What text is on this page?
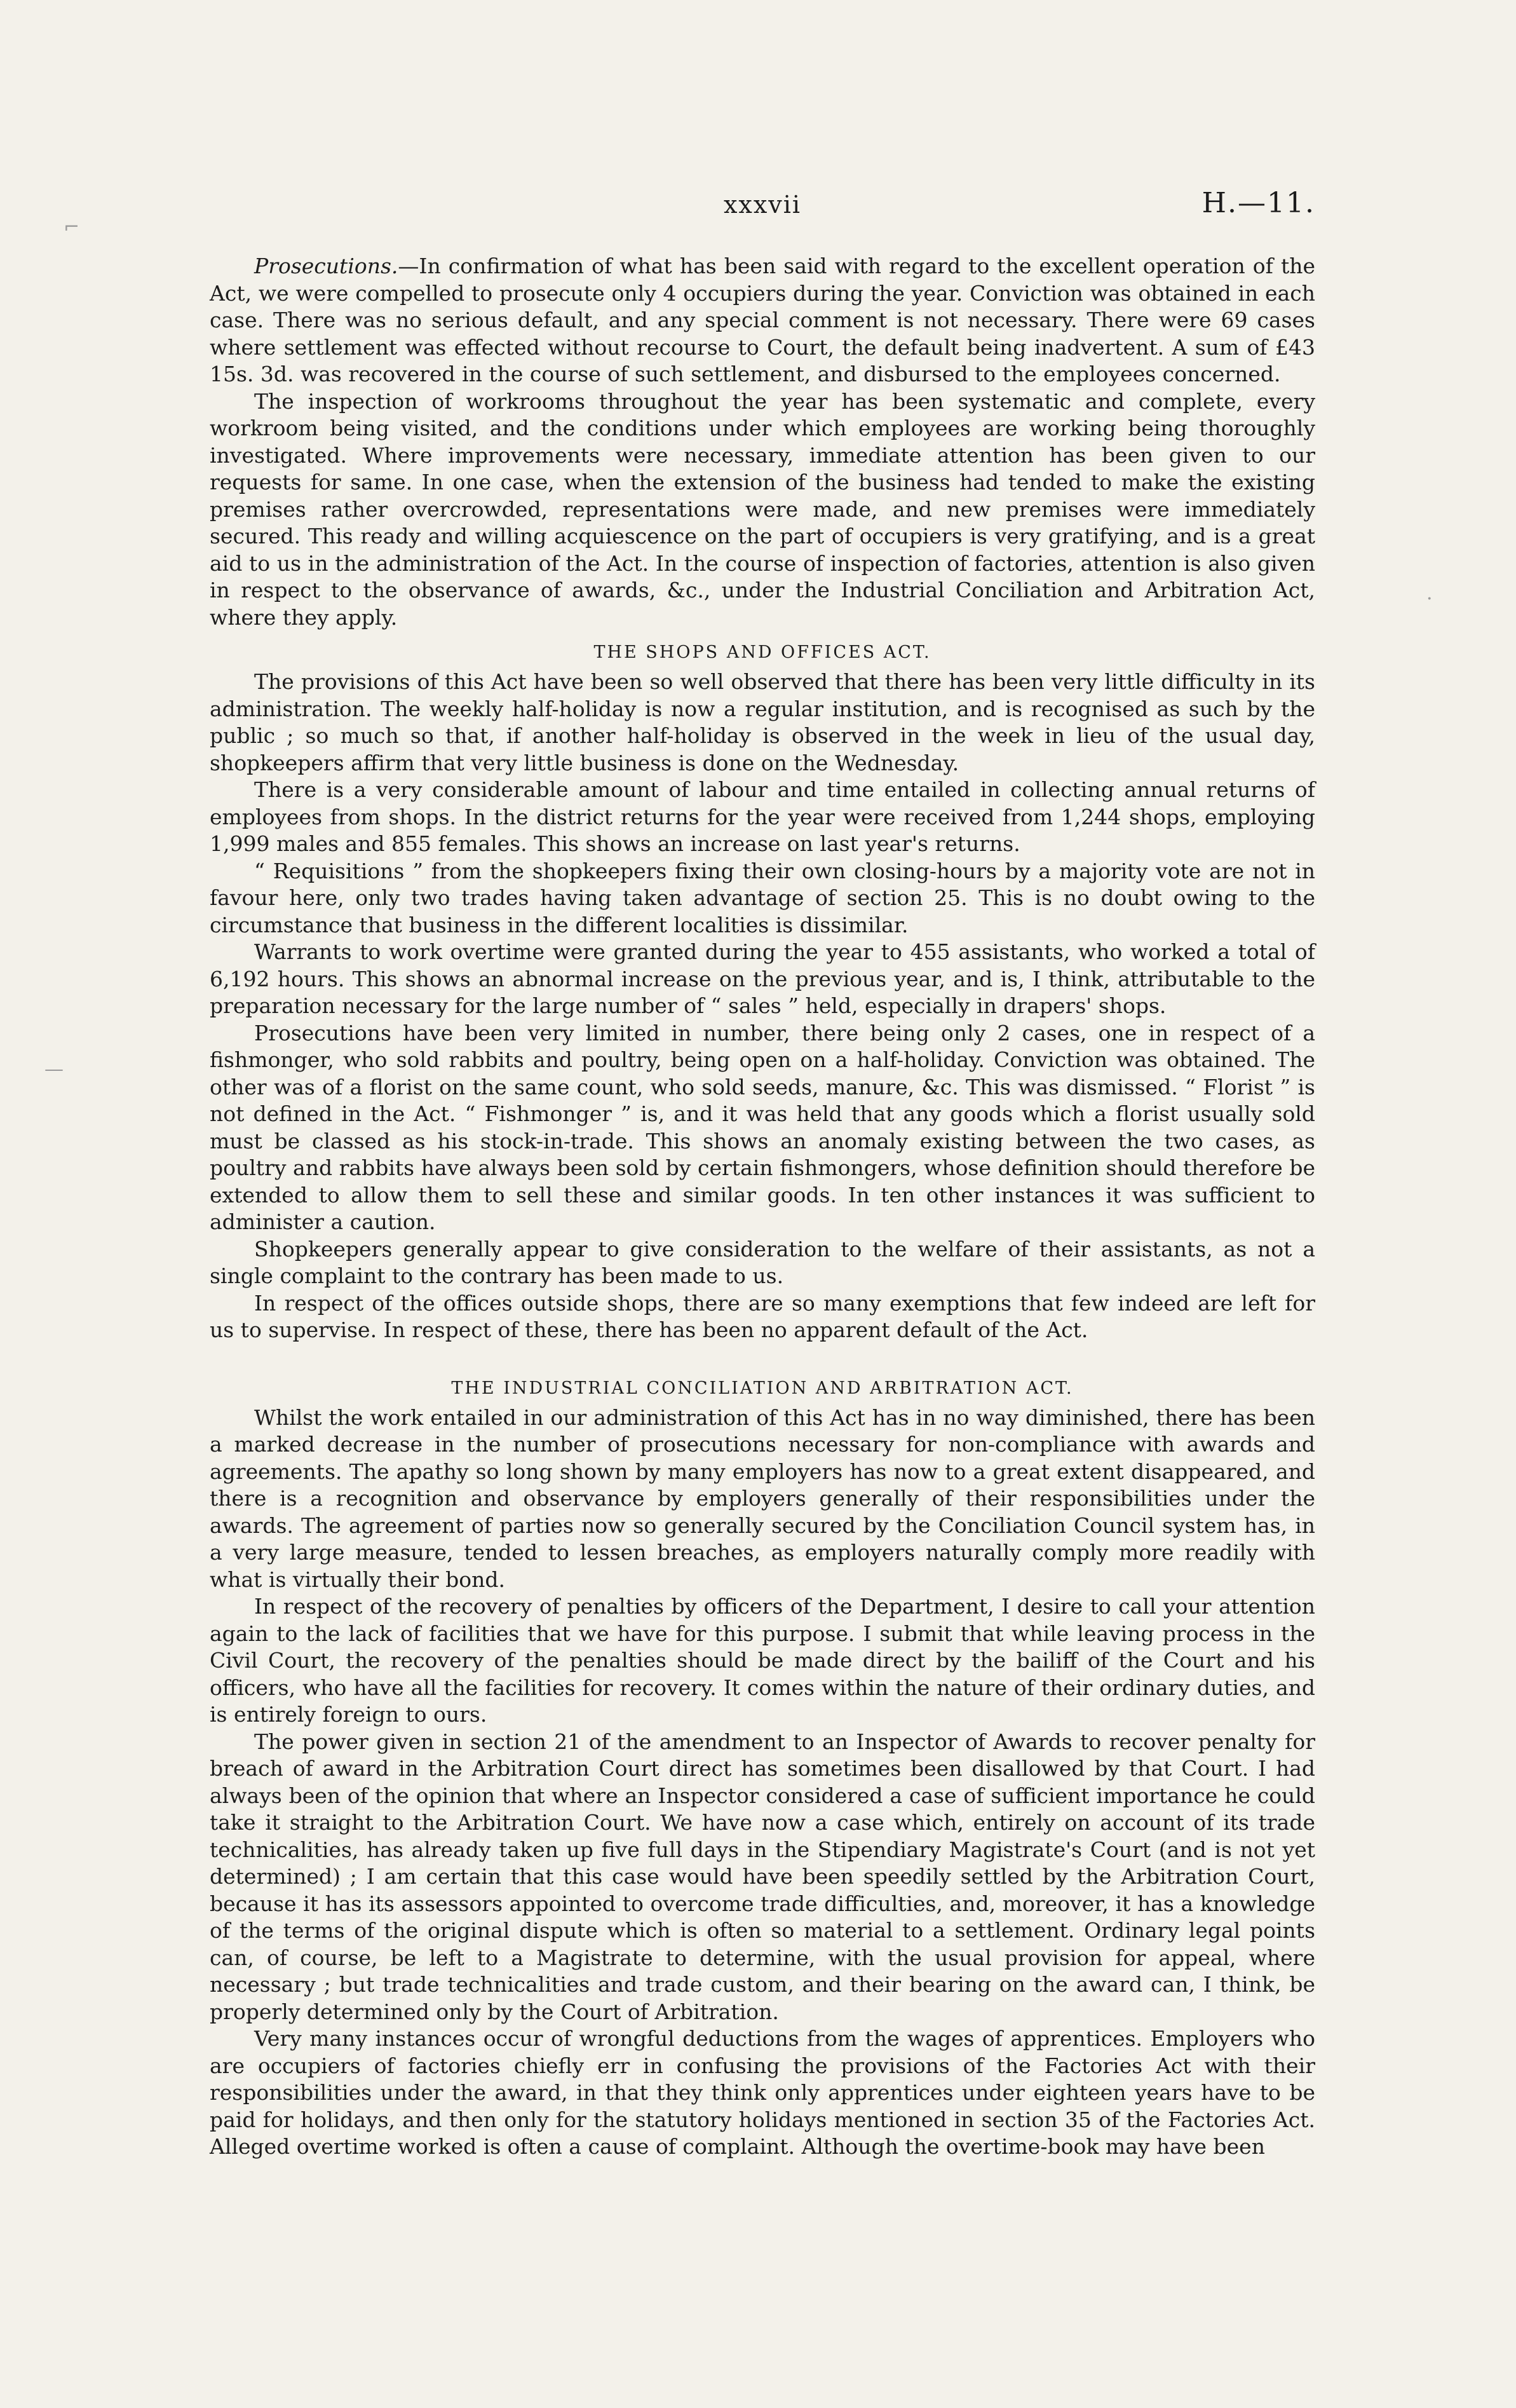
⌐
·
—
xxxvii	H.—11.

Prosecutions.—In confirmation of what has been said with regard to the excellent operation of the Act, we were compelled to prosecute only 4 occupiers during the year. Conviction was obtained in each case. There was no serious default, and any special comment is not necessary. There were 69 cases where settlement was effected without recourse to Court, the default being inadvertent. A sum of £43 15s. 3d. was recovered in the course of such settlement, and disbursed to the employees concerned.

The inspection of workrooms throughout the year has been systematic and complete, every workroom being visited, and the conditions under which employees are working being thoroughly investigated. Where improvements were necessary, immediate attention has been given to our requests for same. In one case, when the extension of the business had tended to make the existing premises rather overcrowded, representations were made, and new premises were immediately secured. This ready and willing acquiescence on the part of occupiers is very gratifying, and is a great aid to us in the administration of the Act. In the course of inspection of factories, attention is also given in respect to the observance of awards, &c., under the Industrial Conciliation and Arbitration Act, where they apply.

THE SHOPS AND OFFICES ACT.

The provisions of this Act have been so well observed that there has been very little difficulty in its administration. The weekly half-holiday is now a regular institution, and is recognised as such by the public ; so much so that, if another half-holiday is observed in the week in lieu of the usual day, shopkeepers affirm that very little business is done on the Wednesday.

There is a very considerable amount of labour and time entailed in collecting annual returns of employees from shops. In the district returns for the year were received from 1,244 shops, employing 1,999 males and 855 females. This shows an increase on last year's returns.

“ Requisitions ” from the shopkeepers fixing their own closing-hours by a majority vote are not in favour here, only two trades having taken advantage of section 25. This is no doubt owing to the circumstance that business in the different localities is dissimilar.

Warrants to work overtime were granted during the year to 455 assistants, who worked a total of 6,192 hours. This shows an abnormal increase on the previous year, and is, I think, attributable to the preparation necessary for the large number of “ sales ” held, especially in drapers' shops.

Prosecutions have been very limited in number, there being only 2 cases, one in respect of a fishmonger, who sold rabbits and poultry, being open on a half-holiday. Conviction was obtained. The other was of a florist on the same count, who sold seeds, manure, &c. This was dismissed. “ Florist ” is not defined in the Act. “ Fishmonger ” is, and it was held that any goods which a florist usually sold must be classed as his stock-in-trade. This shows an anomaly existing between the two cases, as poultry and rabbits have always been sold by certain fishmongers, whose definition should therefore be extended to allow them to sell these and similar goods. In ten other instances it was sufficient to administer a caution.

Shopkeepers generally appear to give consideration to the welfare of their assistants, as not a single complaint to the contrary has been made to us.

In respect of the offices outside shops, there are so many exemptions that few indeed are left for us to supervise. In respect of these, there has been no apparent default of the Act.

THE INDUSTRIAL CONCILIATION AND ARBITRATION ACT.

Whilst the work entailed in our administration of this Act has in no way diminished, there has been a marked decrease in the number of prosecutions necessary for non-compliance with awards and agreements. The apathy so long shown by many employers has now to a great extent disappeared, and there is a recognition and observance by employers generally of their responsibilities under the awards. The agreement of parties now so generally secured by the Conciliation Council system has, in a very large measure, tended to lessen breaches, as employers naturally comply more readily with what is virtually their bond.

In respect of the recovery of penalties by officers of the Department, I desire to call your attention again to the lack of facilities that we have for this purpose. I submit that while leaving process in the Civil Court, the recovery of the penalties should be made direct by the bailiff of the Court and his officers, who have all the facilities for recovery. It comes within the nature of their ordinary duties, and is entirely foreign to ours.

The power given in section 21 of the amendment to an Inspector of Awards to recover penalty for breach of award in the Arbitration Court direct has sometimes been disallowed by that Court. I had always been of the opinion that where an Inspector considered a case of sufficient importance he could take it straight to the Arbitration Court. We have now a case which, entirely on account of its trade technicalities, has already taken up five full days in the Stipendiary Magistrate's Court (and is not yet determined) ; I am certain that this case would have been speedily settled by the Arbitration Court, because it has its assessors appointed to overcome trade difficulties, and, moreover, it has a knowledge of the terms of the original dispute which is often so material to a settlement. Ordinary legal points can, of course, be left to a Magistrate to determine, with the usual provision for appeal, where necessary ; but trade technicalities and trade custom, and their bearing on the award can, I think, be properly determined only by the Court of Arbitration.

Very many instances occur of wrongful deductions from the wages of apprentices. Employers who are occupiers of factories chiefly err in confusing the provisions of the Factories Act with their responsibilities under the award, in that they think only apprentices under eighteen years have to be paid for holidays, and then only for the statutory holidays mentioned in section 35 of the Factories Act. Alleged overtime worked is often a cause of complaint. Although the overtime-book may have been
